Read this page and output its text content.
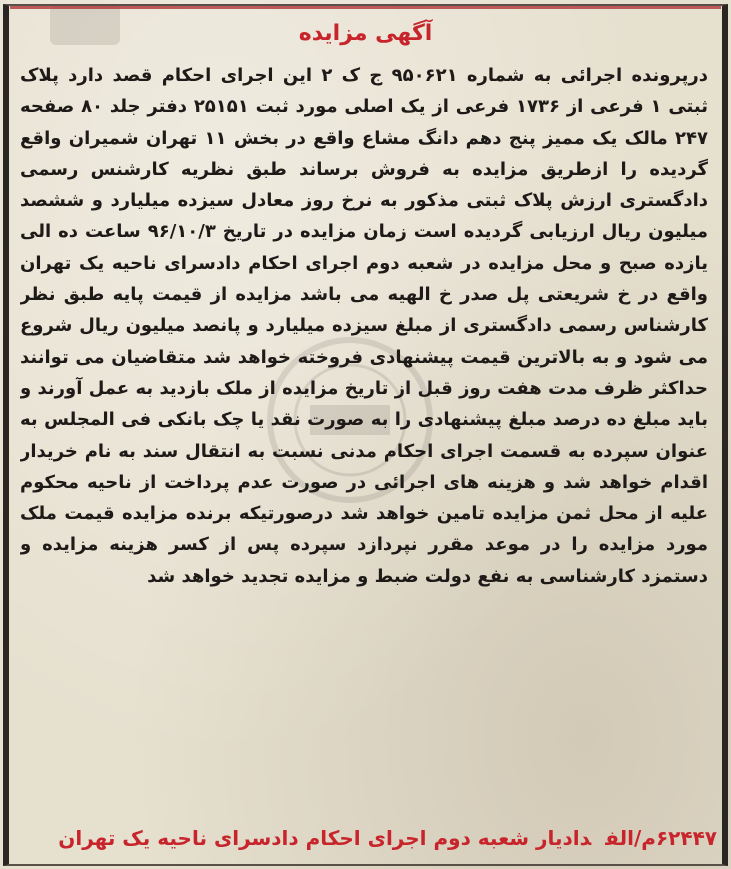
آگهی مزایده
درپرونده اجرائی به شماره ۹۵۰۶۲۱ ج ک ۲ این اجرای احکام قصد دارد پلاک ثبتی ۱ فرعی از ۱۷۳۶ فرعی از یک اصلی مورد ثبت ۲۵۱۵۱ دفتر جلد ۸۰ صفحه ۲۴۷ مالک یک ممیز پنج دهم دانگ مشاع واقع در بخش ۱۱ تهران شمیران واقع گردیده را ازطریق مزایده به فروش برساند طبق نظریه کارشنس رسمی دادگستری ارزش پلاک ثبتی مذکور به نرخ روز معادل سیزده میلیارد و ششصد میلیون ریال ارزیابی گردیده است زمان مزایده در تاریخ ۹۶/۱۰/۳ ساعت ده الی یازده صبح و محل مزایده در شعبه دوم اجرای احکام دادسرای ناحیه یک تهران واقع در خ شریعتی پل صدر خ الهیه می باشد مزایده از قیمت پایه طبق نظر کارشناس رسمی دادگستری از مبلغ سیزده میلیارد و پانصد میلیون ریال شروع می شود و به بالاترین قیمت پیشنهادی فروخته خواهد شد متقاضیان می توانند حداکثر ظرف مدت هفت روز قبل از تاریخ مزایده از ملک بازدید به عمل آورند و باید مبلغ ده درصد مبلغ پیشنهادی را به صورت نقد یا چک بانکی فی المجلس به عنوان سپرده به قسمت اجرای احکام مدنی نسبت به انتقال سند به نام خریدار اقدام خواهد شد و هزینه های اجرائی در صورت عدم پرداخت از ناحیه محکوم علیه از محل ثمن مزایده تامین خواهد شد درصورتیکه برنده مزایده قیمت ملک مورد مزایده را در موعد مقرر نپردازد سپرده پس از کسر هزینه مزایده و دستمزد کارشناسی به نفع دولت ضبط و مزایده تجدید خواهد شد
۶۲۴۴۷م/الفدادیار شعبه دوم اجرای احکام دادسرای ناحیه یک تهران
